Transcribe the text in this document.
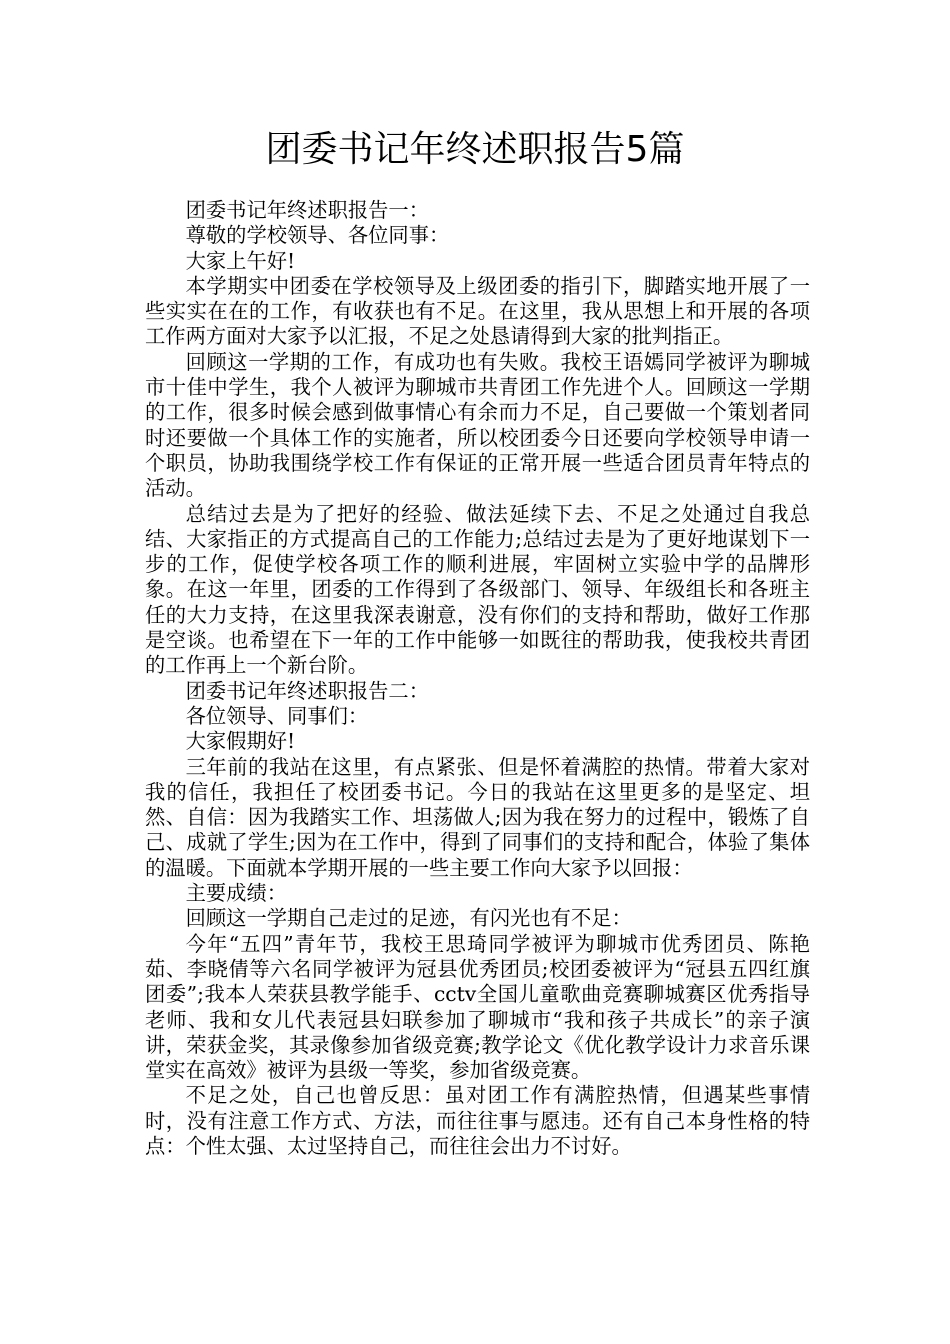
团委书记年终述职报告5篇

团委书记年终述职报告一：

尊敬的学校领导、各位同事：

大家上午好!

本学期实中团委在学校领导及上级团委的指引下，脚踏实地开展了一些实实在在的工作，有收获也有不足。在这里，我从思想上和开展的各项工作两方面对大家予以汇报，不足之处恳请得到大家的批判指正。

回顾这一学期的工作，有成功也有失败。我校王语嫣同学被评为聊城市十佳中学生，我个人被评为聊城市共青团工作先进个人。回顾这一学期的工作，很多时候会感到做事情心有余而力不足，自己要做一个策划者同时还要做一个具体工作的实施者，所以校团委今日还要向学校领导申请一个职员，协助我围绕学校工作有保证的正常开展一些适合团员青年特点的活动。

总结过去是为了把好的经验、做法延续下去、不足之处通过自我总结、大家指正的方式提高自己的工作能力;总结过去是为了更好地谋划下一步的工作，促使学校各项工作的顺利进展，牢固树立实验中学的品牌形象。在这一年里，团委的工作得到了各级部门、领导、年级组长和各班主任的大力支持，在这里我深表谢意，没有你们的支持和帮助，做好工作那是空谈。也希望在下一年的工作中能够一如既往的帮助我，使我校共青团的工作再上一个新台阶。

团委书记年终述职报告二：

各位领导、同事们：

大家假期好!

三年前的我站在这里，有点紧张、但是怀着满腔的热情。带着大家对我的信任，我担任了校团委书记。今日的我站在这里更多的是坚定、坦然、自信：因为我踏实工作、坦荡做人;因为我在努力的过程中，锻炼了自己、成就了学生;因为在工作中，得到了同事们的支持和配合，体验了集体的温暖。下面就本学期开展的一些主要工作向大家予以回报：

主要成绩：

回顾这一学期自己走过的足迹，有闪光也有不足：

今年“五四”青年节，我校王思琦同学被评为聊城市优秀团员、陈艳茹、李晓倩等六名同学被评为冠县优秀团员;校团委被评为“冠县五四红旗团委”;我本人荣获县教学能手、cctv全国儿童歌曲竞赛聊城赛区优秀指导老师、我和女儿代表冠县妇联参加了聊城市“我和孩子共成长”的亲子演讲，荣获金奖，其录像参加省级竞赛;教学论文《优化教学设计力求音乐课堂实在高效》被评为县级一等奖，参加省级竞赛。

不足之处，自己也曾反思：虽对团工作有满腔热情，但遇某些事情时，没有注意工作方式、方法，而往往事与愿违。还有自己本身性格的特点：个性太强、太过坚持自己，而往往会出力不讨好。
